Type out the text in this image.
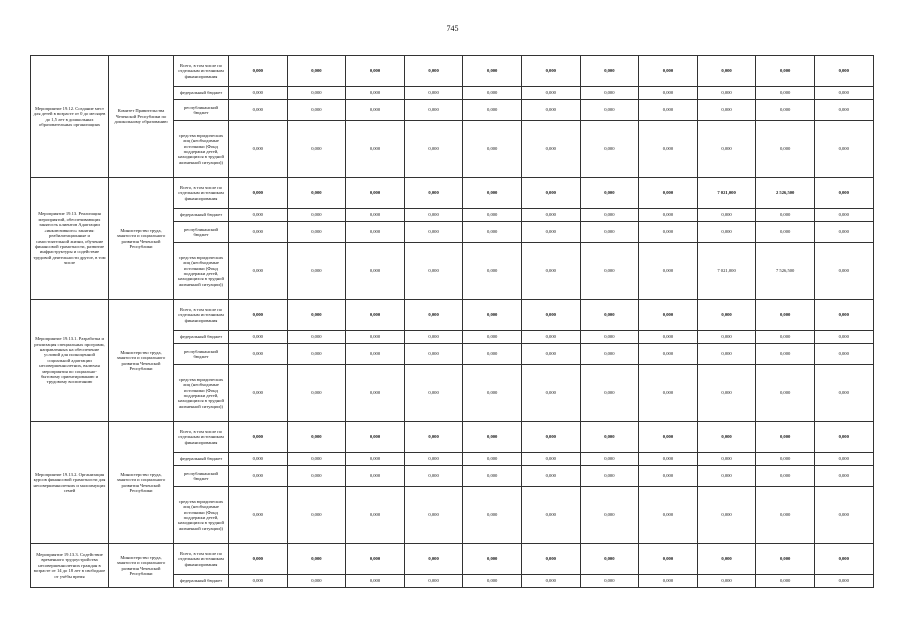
745
Мероприятие 19.12. Создание мест для детей в возрасте от 0 до месяцев до 1,5 лет в дошкольных образовательных организациях	Комитет Правительства Чеченской Республики по дошкольному образованию	Всего, в том числе по отдельным источникам финансирования	0,000	0,000	0,000	0,000	0,000	0,000	0,000	0,000	0,000	0,000	0,000
		федеральный бюджет	0,000	0,000	0,000	0,000	0,000	0,000	0,000	0,000	0,000	0,000	0,000
		республиканский бюджет	0,000	0,000	0,000	0,000	0,000	0,000	0,000	0,000	0,000	0,000	0,000
		средства юридических лиц (необходимые источники (Фонд поддержки детей, находящихся в трудной жизненной ситуации))	0,000	0,000	0,000	0,000	0,000	0,000	0,000	0,000	0,000	0,000	0,000
Мероприятие 19.13. Реализация мероприятий, обеспечивающих занятость клиентов Адаптации «инклюзивного» занятия: реабилитационные и самостоятельной жизни, обучение финансовой грамотности, развитие инфраструктуры и содействие трудовой деятельности другое, в том числе	Министерство труда, занятости и социального развития Чеченской Республики	Всего, в том числе по отдельным источникам финансирования	0,000	0,000	0,000	0,000	0,000	0,000	0,000	0,000	7 021,000	2 526,500	0,000
		федеральный бюджет	0,000	0,000	0,000	0,000	0,000	0,000	0,000	0,000	0,000	0,000	0,000
		республиканский бюджет	0,000	0,000	0,000	0,000	0,000	0,000	0,000	0,000	0,000	0,000	0,000
		средства юридических лиц (необходимые источники (Фонд поддержки детей, находящихся в трудной жизненной ситуации))	0,000	0,000	0,000	0,000	0,000	0,000	0,000	0,000	7 021,000	7 526,500	0,000
Мероприятие 19.13.1. Разработка и реализация специальных программ, направленных на обеспечение условий для полноценной социальной адаптации несовершеннолетних, включая мероприятия по социально-бытовому ориентированию и трудовому воспитанию	Министерство труда, занятости и социального развития Чеченской Республики	Всего, в том числе по отдельным источникам финансирования	0,000	0,000	0,000	0,000	0,000	0,000	0,000	0,000	0,000	0,000	0,000
		федеральный бюджет	0,000	0,000	0,000	0,000	0,000	0,000	0,000	0,000	0,000	0,000	0,000
		республиканский бюджет	0,000	0,000	0,000	0,000	0,000	0,000	0,000	0,000	0,000	0,000	0,000
		средства юридических лиц (необходимые источники (Фонд поддержки детей, находящихся в трудной жизненной ситуации))	0,000	0,000	0,000	0,000	0,000	0,000	0,000	0,000	0,000	0,000	0,000
Мероприятие 19.13.2. Организация курсов финансовой грамотности для несовершеннолетних и малоимущих семей	Министерство труда, занятости и социального развития Чеченской Республики	Всего, в том числе по отдельным источникам финансирования	0,000	0,000	0,000	0,000	0,000	0,000	0,000	0,000	0,000	0,000	0,000
		федеральный бюджет	0,000	0,000	0,000	0,000	0,000	0,000	0,000	0,000	0,000	0,000	0,000
		республиканский бюджет	0,000	0,000	0,000	0,000	0,000	0,000	0,000	0,000	0,000	0,000	0,000
		средства юридических лиц (необходимые источники (Фонд поддержки детей, находящихся в трудной жизненной ситуации))	0,000	0,000	0,000	0,000	0,000	0,000	0,000	0,000	0,000	0,000	0,000
Мероприятие 19.13.3. Содействие временного трудоустройства несовершеннолетних граждан в возрасте от 14 до 18 лет в свободное от учёбы время	Министерство труда, занятости и социального развития Чеченской Республики	Всего, в том числе по отдельным источникам финансирования	0,000	0,000	0,000	0,000	0,000	0,000	0,000	0,000	0,000	0,000	0,000
		федеральный бюджет	0,000	0,000	0,000	0,000	0,000	0,000	0,000	0,000	0,000	0,000	0,000
